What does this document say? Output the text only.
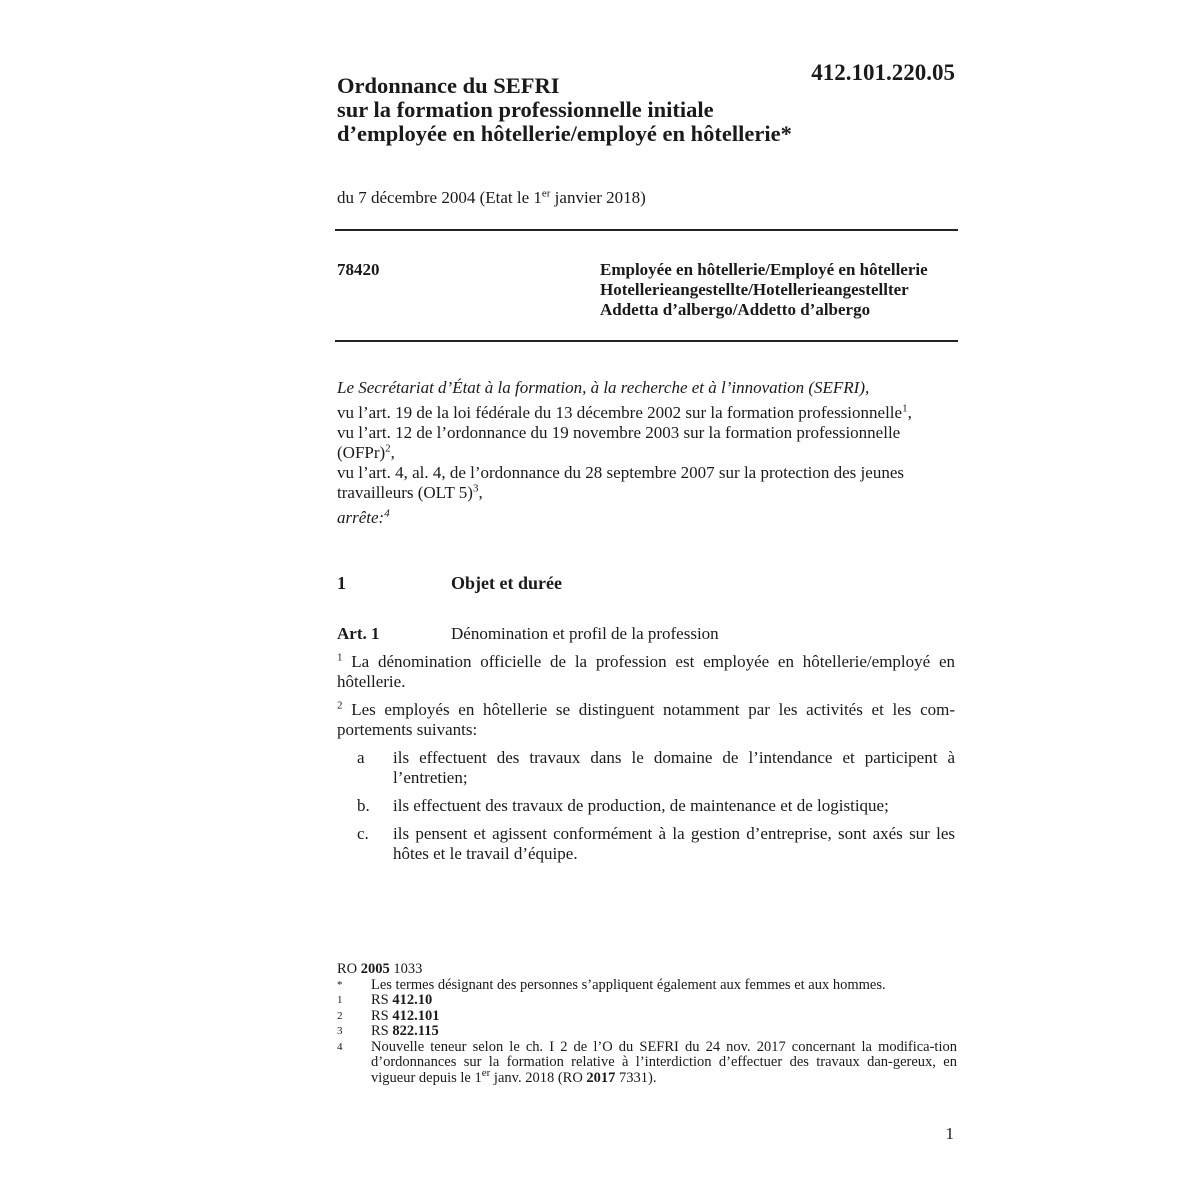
412.101.220.05
Ordonnance du SEFRI
sur la formation professionnelle initiale
d’employée en hôtellerie/employé en hôtellerie*
du 7 décembre 2004 (Etat le 1er janvier 2018)
78420	Employée en hôtellerie/Employé en hôtellerie
Hotellerieangestellte/Hotellerieangestellter
Addetta d’albergo/Addetto d’albergo
Le Secrétariat d’État à la formation, à la recherche et à l’innovation (SEFRI),
vu l’art. 19 de la loi fédérale du 13 décembre 2002 sur la formation professionnelle$^1$,
vu l’art. 12 de l’ordonnance du 19 novembre 2003 sur la formation professionnelle (OFPr)$^2$,
vu l’art. 4, al. 4, de l’ordonnance du 28 septembre 2007 sur la protection des jeunes travailleurs (OLT 5)$^3$,
arrête:$^4$
1	Objet et durée
Art. 1	Dénomination et profil de la profession

$^1$ La dénomination officielle de la profession est employée en hôtellerie/employé en hôtellerie.

$^2$ Les employés en hôtellerie se distinguent notamment par les activités et les com-portements suivants:

a	ils effectuent des travaux dans le domaine de l’intendance et participent à l’entretien;
b.	ils effectuent des travaux de production, de maintenance et de logistique;
c.	ils pensent et agissent conformément à la gestion d’entreprise, sont axés sur les hôtes et le travail d’équipe.
RO 2005 1033
*	Les termes désignant des personnes s’appliquent également aux femmes et aux hommes.
1	RS 412.10
2	RS 412.101
3	RS 822.115
4	Nouvelle teneur selon le ch. I 2 de l’O du SEFRI du 24 nov. 2017 concernant la modifica-tion d’ordonnances sur la formation relative à l’interdiction d’effectuer des travaux dan-gereux, en vigueur depuis le 1er janv. 2018 (RO 2017 7331).
1
